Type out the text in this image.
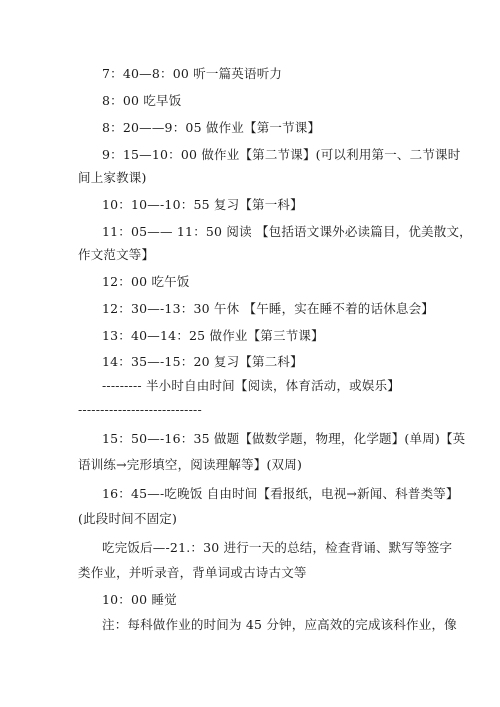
7：40—8：00 听一篇英语听力
8：00 吃早饭
8：20——9：05 做作业【第一节课】
9：15—10：00 做作业【第二节课】(可以利用第一、二节课时
间上家教课)
10：10—-10：55 复习【第一科】
11：05—— 11：50 阅读 【包括语文课外必读篇目，优美散文，
作文范文等】
12：00 吃午饭
12：30—-13：30 午休 【午睡，实在睡不着的话休息会】
13：40—14：25 做作业【第三节课】
14：35—-15：20 复习【第二科】
--------- 半小时自由时间【阅读，体育活动，或娱乐】
----------------------------
15：50—-16：35 做题【做数学题，物理，化学题】(单周)【英
语训练→完形填空，阅读理解等】(双周)
16：45—-吃晚饭 自由时间【看报纸，电视→新闻、科普类等】
(此段时间不固定)
吃完饭后—-21.：30 进行一天的总结，检查背诵、默写等签字
类作业，并听录音，背单词或古诗古文等
10：00 睡觉
注：每科做作业的时间为 45 分钟，应高效的完成该科作业，像
